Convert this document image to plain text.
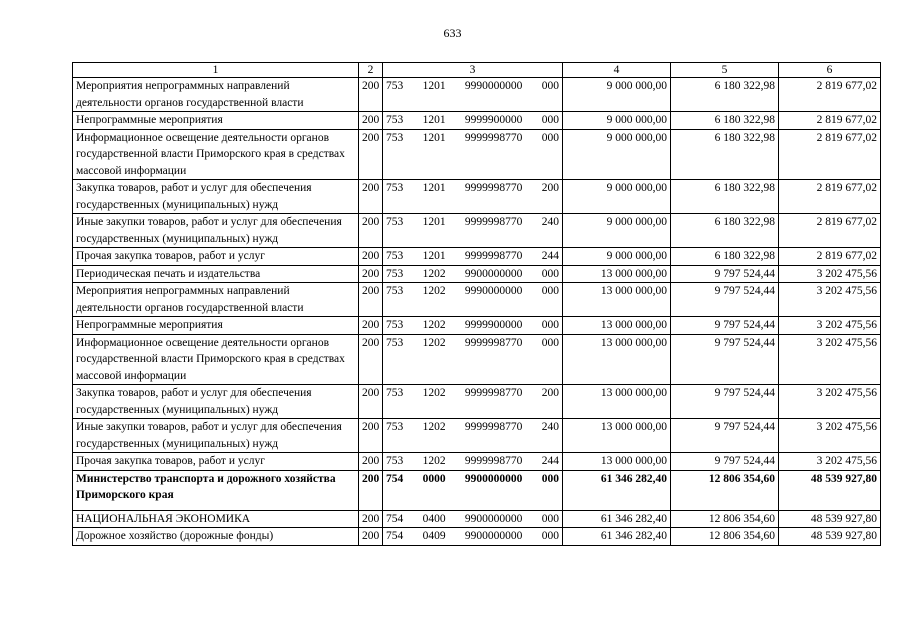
633
1	2	3	4	5	6
Мероприятия непрограммных направлений деятельности органов государственной власти	200	753 1201 9990000000 000	9 000 000,00	6 180 322,98	2 819 677,02
Непрограммные мероприятия	200	753 1201 9999900000 000	9 000 000,00	6 180 322,98	2 819 677,02
Информационное освещение деятельности органов государственной власти Приморского края в средствах массовой информации	200	753 1201 9999998770 000	9 000 000,00	6 180 322,98	2 819 677,02
Закупка товаров, работ и услуг для обеспечения государственных (муниципальных) нужд	200	753 1201 9999998770 200	9 000 000,00	6 180 322,98	2 819 677,02
Иные закупки товаров, работ и услуг для обеспечения государственных (муниципальных) нужд	200	753 1201 9999998770 240	9 000 000,00	6 180 322,98	2 819 677,02
Прочая закупка товаров, работ и услуг	200	753 1201 9999998770 244	9 000 000,00	6 180 322,98	2 819 677,02
Периодическая печать и издательства	200	753 1202 9900000000 000	13 000 000,00	9 797 524,44	3 202 475,56
Мероприятия непрограммных направлений деятельности органов государственной власти	200	753 1202 9990000000 000	13 000 000,00	9 797 524,44	3 202 475,56
Непрограммные мероприятия	200	753 1202 9999900000 000	13 000 000,00	9 797 524,44	3 202 475,56
Информационное освещение деятельности органов государственной власти Приморского края в средствах массовой информации	200	753 1202 9999998770 000	13 000 000,00	9 797 524,44	3 202 475,56
Закупка товаров, работ и услуг для обеспечения государственных (муниципальных) нужд	200	753 1202 9999998770 200	13 000 000,00	9 797 524,44	3 202 475,56
Иные закупки товаров, работ и услуг для обеспечения государственных (муниципальных) нужд	200	753 1202 9999998770 240	13 000 000,00	9 797 524,44	3 202 475,56
Прочая закупка товаров, работ и услуг	200	753 1202 9999998770 244	13 000 000,00	9 797 524,44	3 202 475,56
Министерство транспорта и дорожного хозяйства Приморского края	200	754 0000 9900000000 000	61 346 282,40	12 806 354,60	48 539 927,80
НАЦИОНАЛЬНАЯ ЭКОНОМИКА	200	754 0400 9900000000 000	61 346 282,40	12 806 354,60	48 539 927,80
Дорожное хозяйство (дорожные фонды)	200	754 0409 9900000000 000	61 346 282,40	12 806 354,60	48 539 927,80
